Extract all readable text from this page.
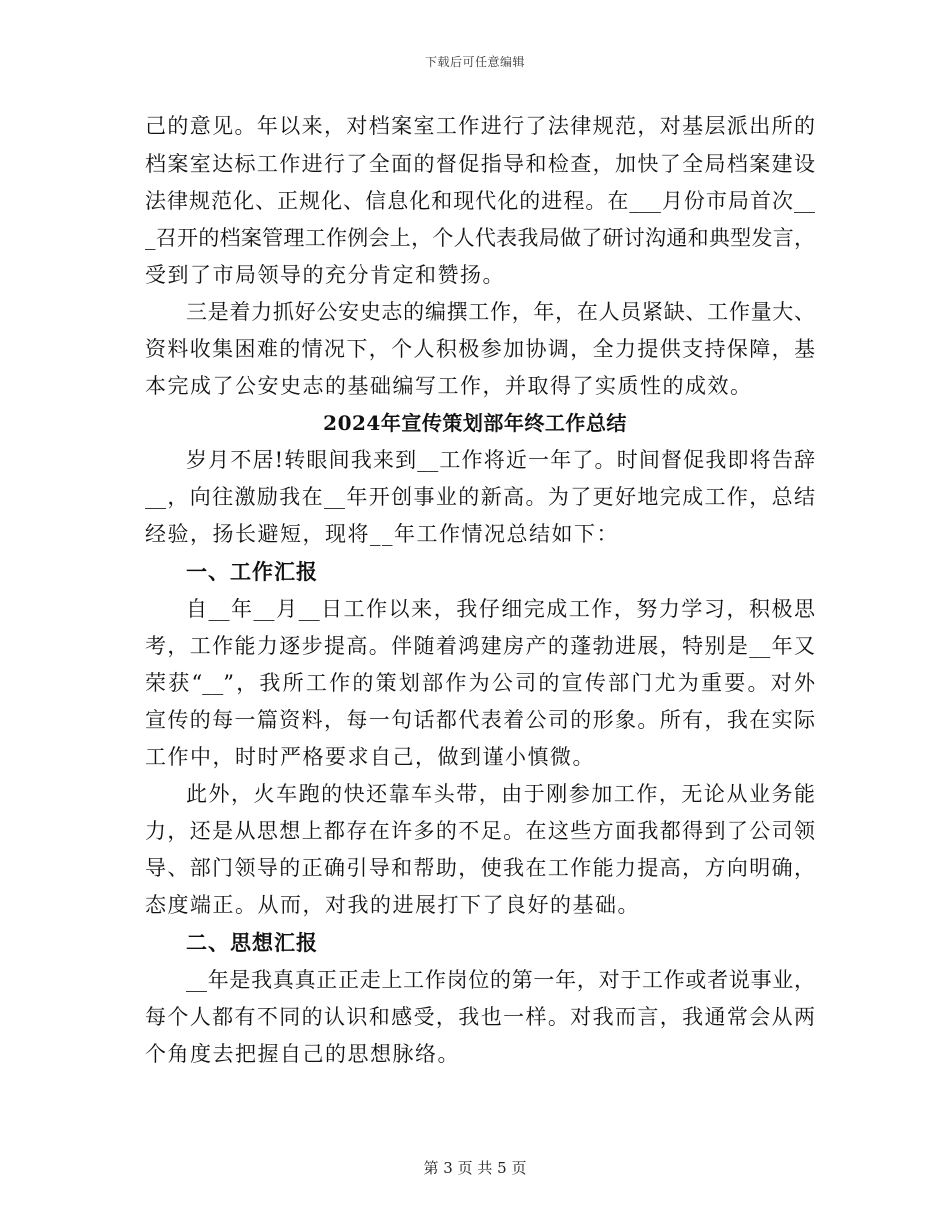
下载后可任意编辑
己的意见。年以来，对档案室工作进行了法律规范，对基层派出所的
档案室达标工作进行了全面的督促指导和检查，加快了全局档案建设
法律规范化、正规化、信息化和现代化的进程。在___月份市局首次__
_召开的档案管理工作例会上，个人代表我局做了研讨沟通和典型发言，
受到了市局领导的充分肯定和赞扬。
三是着力抓好公安史志的编撰工作，年，在人员紧缺、工作量大、
资料收集困难的情况下，个人积极参加协调，全力提供支持保障，基
本完成了公安史志的基础编写工作，并取得了实质性的成效。
2024年宣传策划部年终工作总结
岁月不居!转眼间我来到__工作将近一年了。时间督促我即将告辞
__，向往激励我在__年开创事业的新高。为了更好地完成工作，总结
经验，扬长避短，现将__年工作情况总结如下：
一、工作汇报
自__年__月__日工作以来，我仔细完成工作，努力学习，积极思
考，工作能力逐步提高。伴随着鸿建房产的蓬勃进展，特别是__年又
荣获“__”，我所工作的策划部作为公司的宣传部门尤为重要。对外
宣传的每一篇资料，每一句话都代表着公司的形象。所有，我在实际
工作中，时时严格要求自己，做到谨小慎微。
此外，火车跑的快还靠车头带，由于刚参加工作，无论从业务能
力，还是从思想上都存在许多的不足。在这些方面我都得到了公司领
导、部门领导的正确引导和帮助，使我在工作能力提高，方向明确，
态度端正。从而，对我的进展打下了良好的基础。
二、思想汇报
__年是我真真正正走上工作岗位的第一年，对于工作或者说事业，
每个人都有不同的认识和感受，我也一样。对我而言，我通常会从两
个角度去把握自己的思想脉络。
第 3 页 共 5 页
